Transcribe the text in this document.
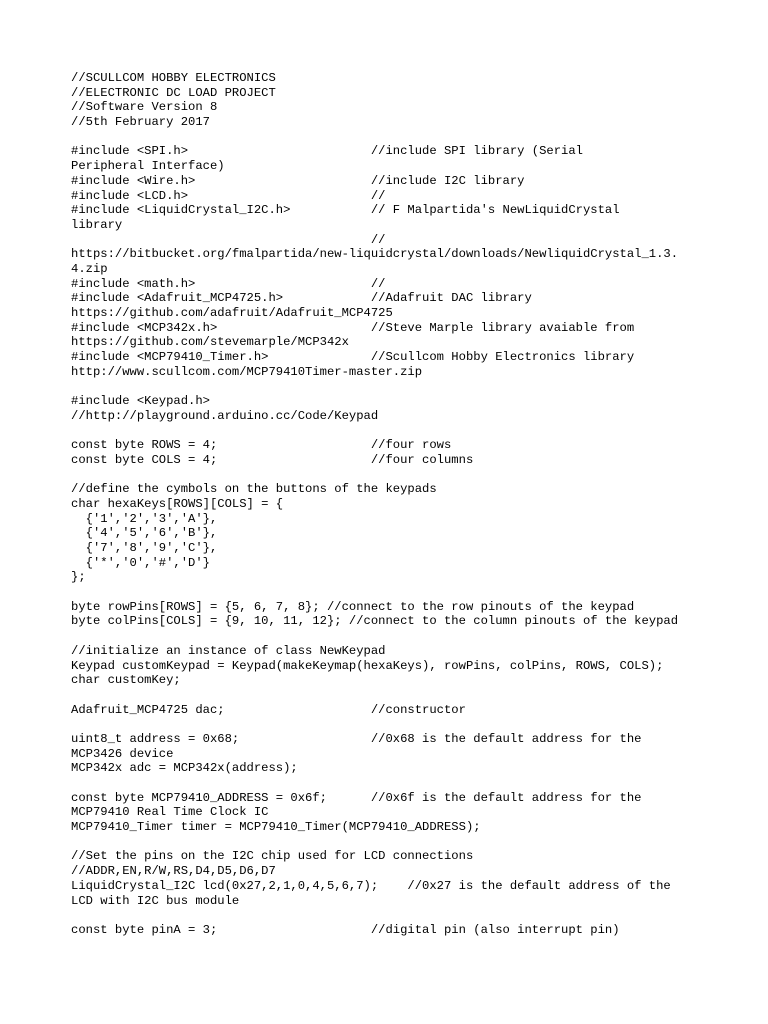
//SCULLCOM HOBBY ELECTRONICS
//ELECTRONIC DC LOAD PROJECT
//Software Version 8
//5th February 2017

#include <SPI.h>                         //include SPI library (Serial
Peripheral Interface)
#include <Wire.h>                        //include I2C library
#include <LCD.h>                         //
#include <LiquidCrystal_I2C.h>           // F Malpartida's NewLiquidCrystal
library
//
https://bitbucket.org/fmalpartida/new-liquidcrystal/downloads/NewliquidCrystal_1.3.
4.zip
#include <math.h>                        //
#include <Adafruit_MCP4725.h>            //Adafruit DAC library
https://github.com/adafruit/Adafruit_MCP4725
#include <MCP342x.h>                     //Steve Marple library avaiable from
https://github.com/stevemarple/MCP342x
#include <MCP79410_Timer.h>              //Scullcom Hobby Electronics library
http://www.scullcom.com/MCP79410Timer-master.zip

#include <Keypad.h>
//http://playground.arduino.cc/Code/Keypad

const byte ROWS = 4;                     //four rows
const byte COLS = 4;                     //four columns

//define the cymbols on the buttons of the keypads
char hexaKeys[ROWS][COLS] = {
{'1','2','3','A'},
{'4','5','6','B'},
{'7','8','9','C'},
{'*','0','#','D'}
};

byte rowPins[ROWS] = {5, 6, 7, 8}; //connect to the row pinouts of the keypad
byte colPins[COLS] = {9, 10, 11, 12}; //connect to the column pinouts of the keypad

//initialize an instance of class NewKeypad
Keypad customKeypad = Keypad(makeKeymap(hexaKeys), rowPins, colPins, ROWS, COLS);
char customKey;

Adafruit_MCP4725 dac;                    //constructor

uint8_t address = 0x68;                  //0x68 is the default address for the
MCP3426 device
MCP342x adc = MCP342x(address);

const byte MCP79410_ADDRESS = 0x6f;      //0x6f is the default address for the
MCP79410 Real Time Clock IC
MCP79410_Timer timer = MCP79410_Timer(MCP79410_ADDRESS);

//Set the pins on the I2C chip used for LCD connections
//ADDR,EN,R/W,RS,D4,D5,D6,D7
LiquidCrystal_I2C lcd(0x27,2,1,0,4,5,6,7);    //0x27 is the default address of the
LCD with I2C bus module

const byte pinA = 3;                     //digital pin (also interrupt pin)
